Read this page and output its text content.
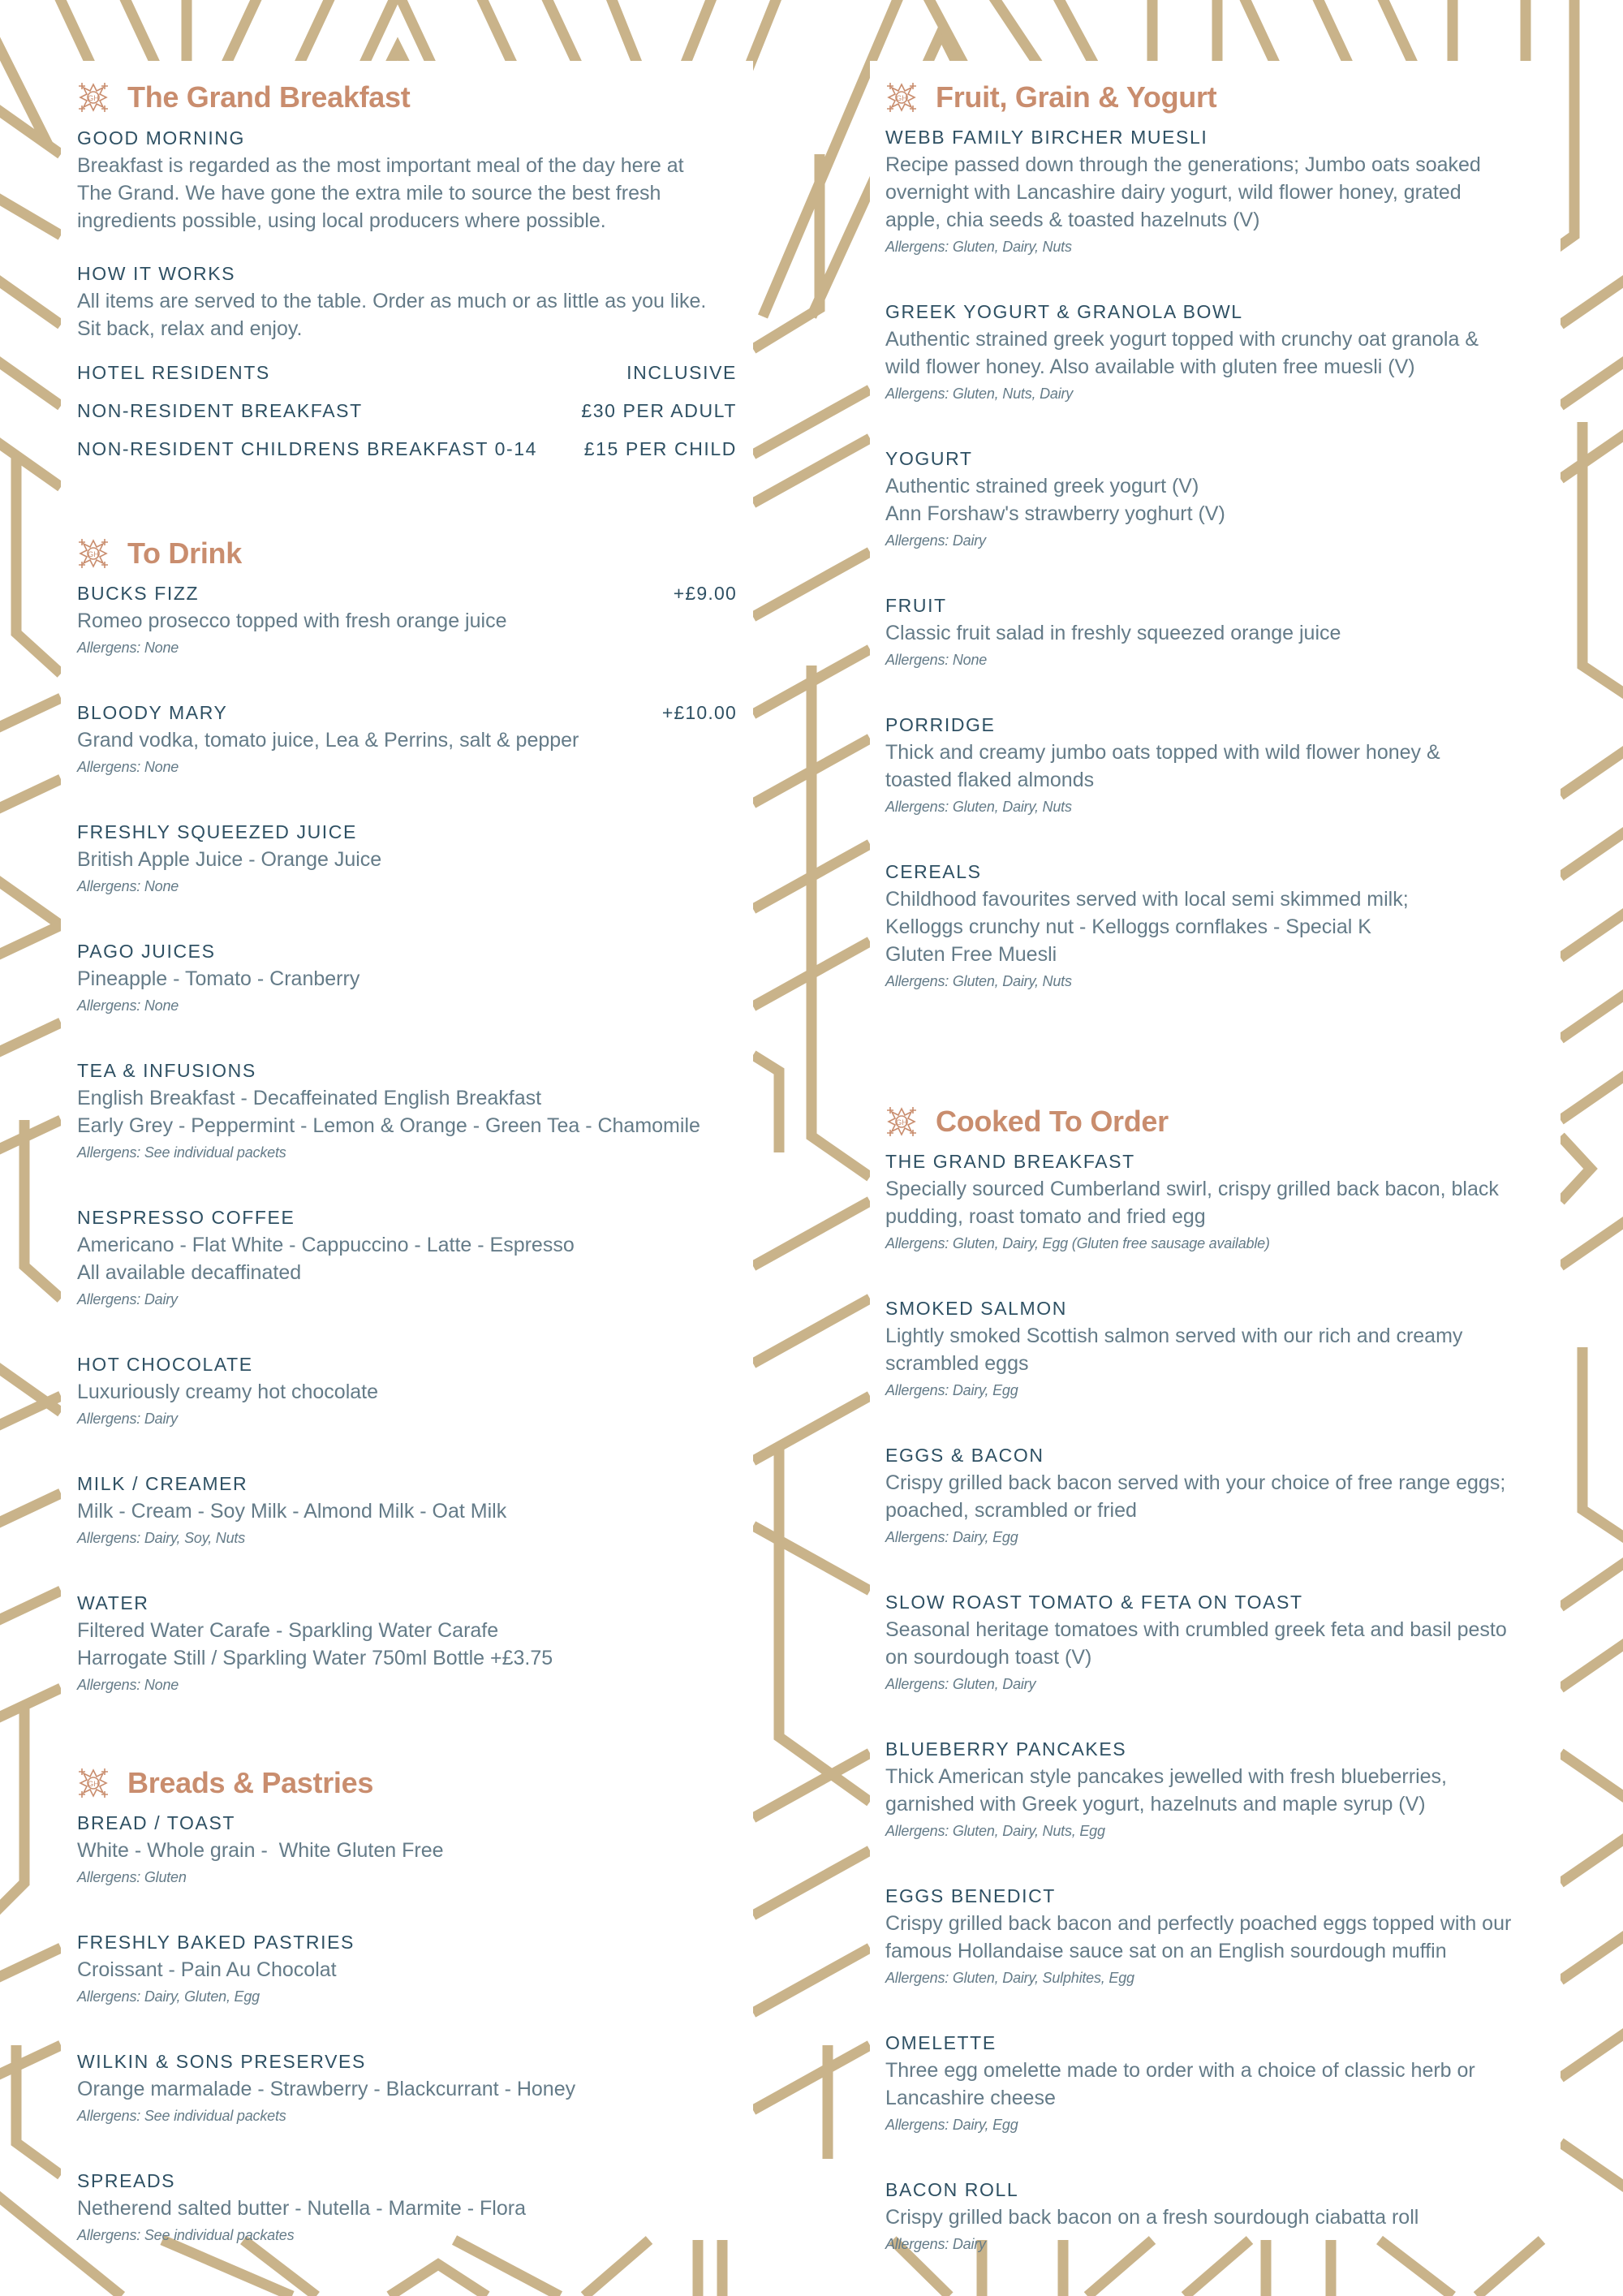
GH The Grand Breakfast
GOOD MORNING
Breakfast is regarded as the most important meal of the day here at
The Grand. We have gone the extra mile to source the best fresh
ingredients possible, using local producers where possible.
HOW IT WORKS
All items are served to the table. Order as much or as little as you like.
Sit back, relax and enjoy.
HOTEL RESIDENTS	INCLUSIVE
NON-RESIDENT BREAKFAST	£30 PER ADULT
NON-RESIDENT CHILDRENS BREAKFAST 0-14	£15 PER CHILD
GH To Drink
BUCKS FIZZ	+£9.00
Romeo prosecco topped with fresh orange juice
Allergens: None
BLOODY MARY	+£10.00
Grand vodka, tomato juice, Lea & Perrins, salt & pepper
Allergens: None
FRESHLY SQUEEZED JUICE
British Apple Juice - Orange Juice
Allergens: None
PAGO JUICES
Pineapple - Tomato - Cranberry
Allergens: None
TEA & INFUSIONS
English Breakfast - Decaffeinated English Breakfast
Early Grey - Peppermint - Lemon & Orange - Green Tea - Chamomile
Allergens: See individual packets
NESPRESSO COFFEE
Americano - Flat White - Cappuccino - Latte - Espresso
All available decaffinated
Allergens: Dairy
HOT CHOCOLATE
Luxuriously creamy hot chocolate
Allergens: Dairy
MILK / CREAMER
Milk - Cream - Soy Milk - Almond Milk - Oat Milk
Allergens: Dairy, Soy, Nuts
WATER
Filtered Water Carafe - Sparkling Water Carafe
Harrogate Still / Sparkling Water 750ml Bottle +£3.75
Allergens: None
GH Breads & Pastries
BREAD / TOAST
White - Whole grain -  White Gluten Free
Allergens: Gluten
FRESHLY BAKED PASTRIES
Croissant - Pain Au Chocolat
Allergens: Dairy, Gluten, Egg
WILKIN & SONS PRESERVES
Orange marmalade - Strawberry - Blackcurrant - Honey
Allergens: See individual packets
SPREADS
Netherend salted butter - Nutella - Marmite - Flora
Allergens: See individual packates
GH Fruit, Grain & Yogurt
WEBB FAMILY BIRCHER MUESLI
Recipe passed down through the generations; Jumbo oats soaked
overnight with Lancashire dairy yogurt, wild flower honey, grated
apple, chia seeds & toasted hazelnuts (V)
Allergens: Gluten, Dairy, Nuts
GREEK YOGURT & GRANOLA BOWL
Authentic strained greek yogurt topped with crunchy oat granola &
wild flower honey. Also available with gluten free muesli (V)
Allergens: Gluten, Nuts, Dairy
YOGURT
Authentic strained greek yogurt (V)
Ann Forshaw's strawberry yoghurt (V)
Allergens: Dairy
FRUIT
Classic fruit salad in freshly squeezed orange juice
Allergens: None
PORRIDGE
Thick and creamy jumbo oats topped with wild flower honey &
toasted flaked almonds
Allergens: Gluten, Dairy, Nuts
CEREALS
Childhood favourites served with local semi skimmed milk;
Kelloggs crunchy nut - Kelloggs cornflakes - Special K
Gluten Free Muesli
Allergens: Gluten, Dairy, Nuts
GH Cooked To Order
THE GRAND BREAKFAST
Specially sourced Cumberland swirl, crispy grilled back bacon, black
pudding, roast tomato and fried egg
Allergens: Gluten, Dairy, Egg (Gluten free sausage available)
SMOKED SALMON
Lightly smoked Scottish salmon served with our rich and creamy
scrambled eggs
Allergens: Dairy, Egg
EGGS & BACON
Crispy grilled back bacon served with your choice of free range eggs;
poached, scrambled or fried
Allergens: Dairy, Egg
SLOW ROAST TOMATO & FETA ON TOAST
Seasonal heritage tomatoes with crumbled greek feta and basil pesto
on sourdough toast (V)
Allergens: Gluten, Dairy
BLUEBERRY PANCAKES
Thick American style pancakes jewelled with fresh blueberries,
garnished with Greek yogurt, hazelnuts and maple syrup (V)
Allergens: Gluten, Dairy, Nuts, Egg
EGGS BENEDICT
Crispy grilled back bacon and perfectly poached eggs topped with our
famous Hollandaise sauce sat on an English sourdough muffin
Allergens: Gluten, Dairy, Sulphites, Egg
OMELETTE
Three egg omelette made to order with a choice of classic herb or
Lancashire cheese
Allergens: Dairy, Egg
BACON ROLL
Crispy grilled back bacon on a fresh sourdough ciabatta roll
Allergens: Dairy
